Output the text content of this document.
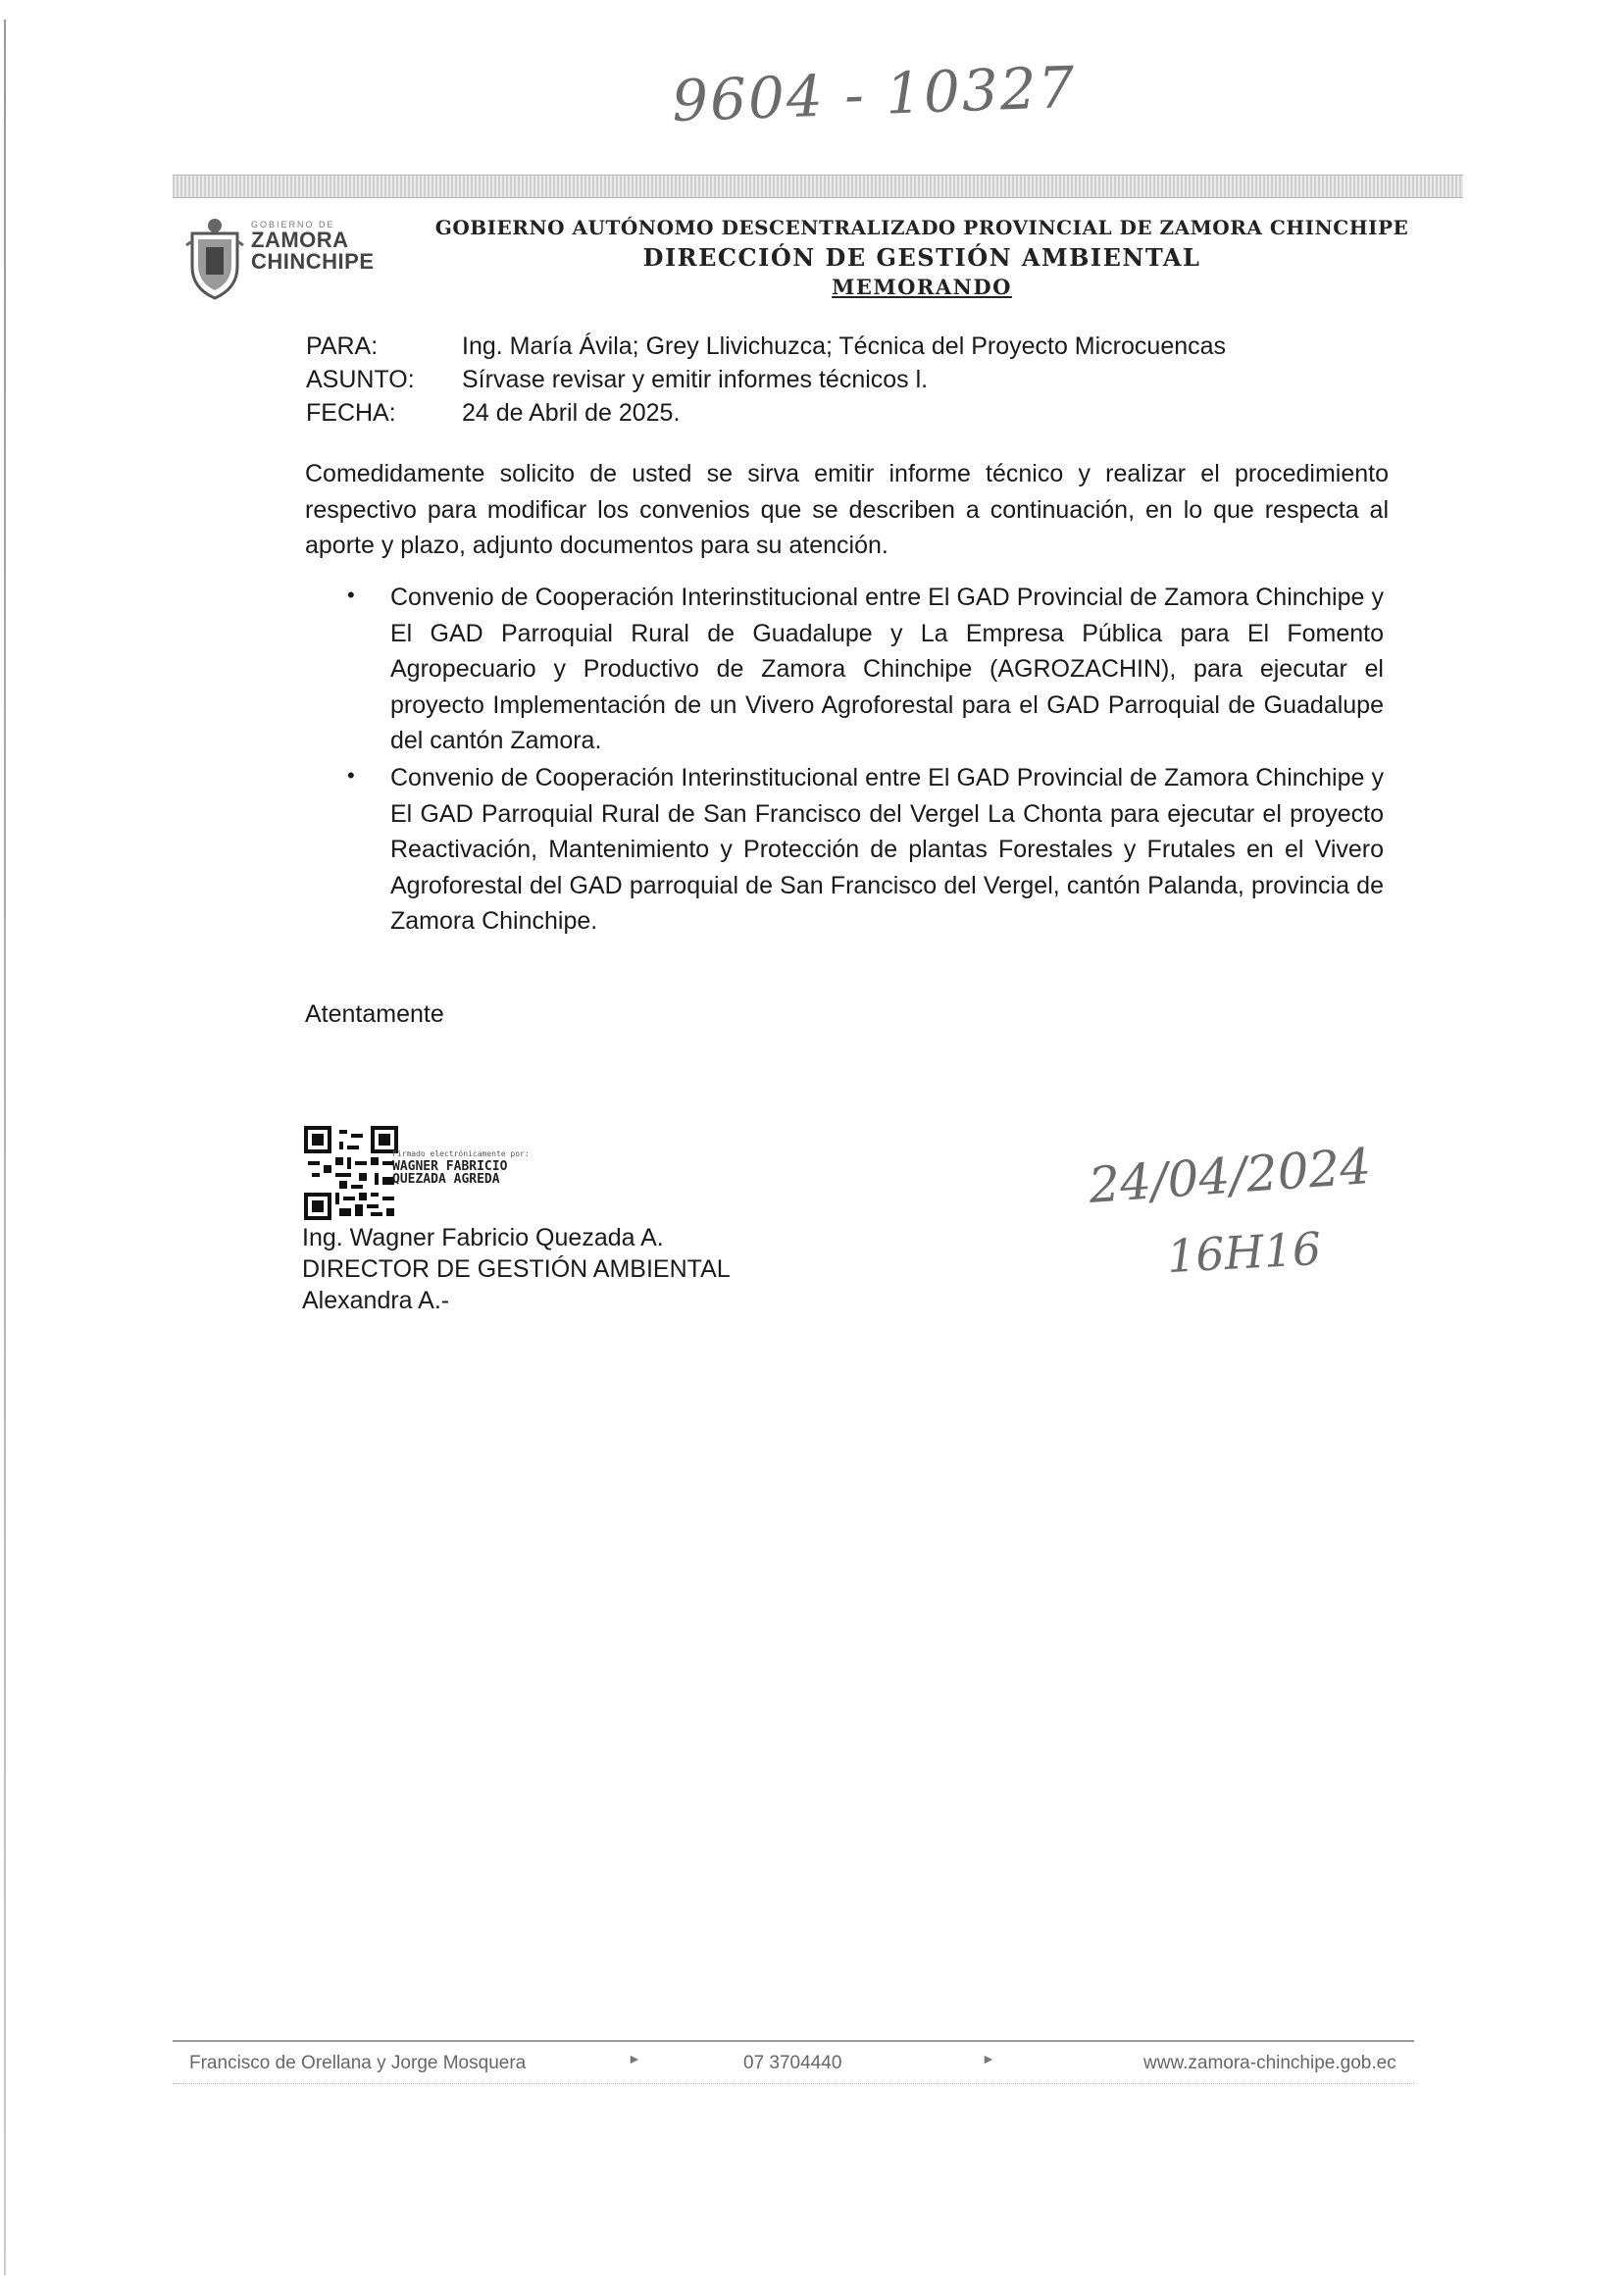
9604 - 10327
GOBIERNO DE
ZAMORA
CHINCHIPE
GOBIERNO AUTÓNOMO DESCENTRALIZADO PROVINCIAL DE ZAMORA CHINCHIPE
DIRECCIÓN DE GESTIÓN AMBIENTAL
MEMORANDO
PARA:	Ing. María Ávila; Grey Llivichuzca; Técnica del Proyecto Microcuencas
ASUNTO: Sírvase revisar y emitir informes técnicos l.
FECHA:	24 de Abril de 2025.
Comedidamente solicito de usted se sirva emitir informe técnico y realizar el procedimiento respectivo para modificar los convenios que se describen a continuación, en lo que respecta al aporte y plazo, adjunto documentos para su atención.
• Convenio de Cooperación Interinstitucional entre El GAD Provincial de Zamora Chinchipe y El GAD Parroquial Rural de Guadalupe y La Empresa Pública para El Fomento Agropecuario y Productivo de Zamora Chinchipe (AGROZACHIN), para ejecutar el proyecto Implementación de un Vivero Agroforestal para el GAD Parroquial de Guadalupe del cantón Zamora.
• Convenio de Cooperación Interinstitucional entre El GAD Provincial de Zamora Chinchipe y El GAD Parroquial Rural de San Francisco del Vergel La Chonta para ejecutar el proyecto Reactivación, Mantenimiento y Protección de plantas Forestales y Frutales en el Vivero Agroforestal del GAD parroquial de San Francisco del Vergel, cantón Palanda, provincia de Zamora Chinchipe.
Atentamente
Firmado electrónicamente por:
WAGNER FABRICIO
QUEZADA AGREDA
Ing. Wagner Fabricio Quezada A.
DIRECTOR DE GESTIÓN AMBIENTAL
Alexandra A.-
24/04/2024
16H16
Francisco de Orellana y Jorge Mosquera	►	07 3704440	►	www.zamora-chinchipe.gob.ec
